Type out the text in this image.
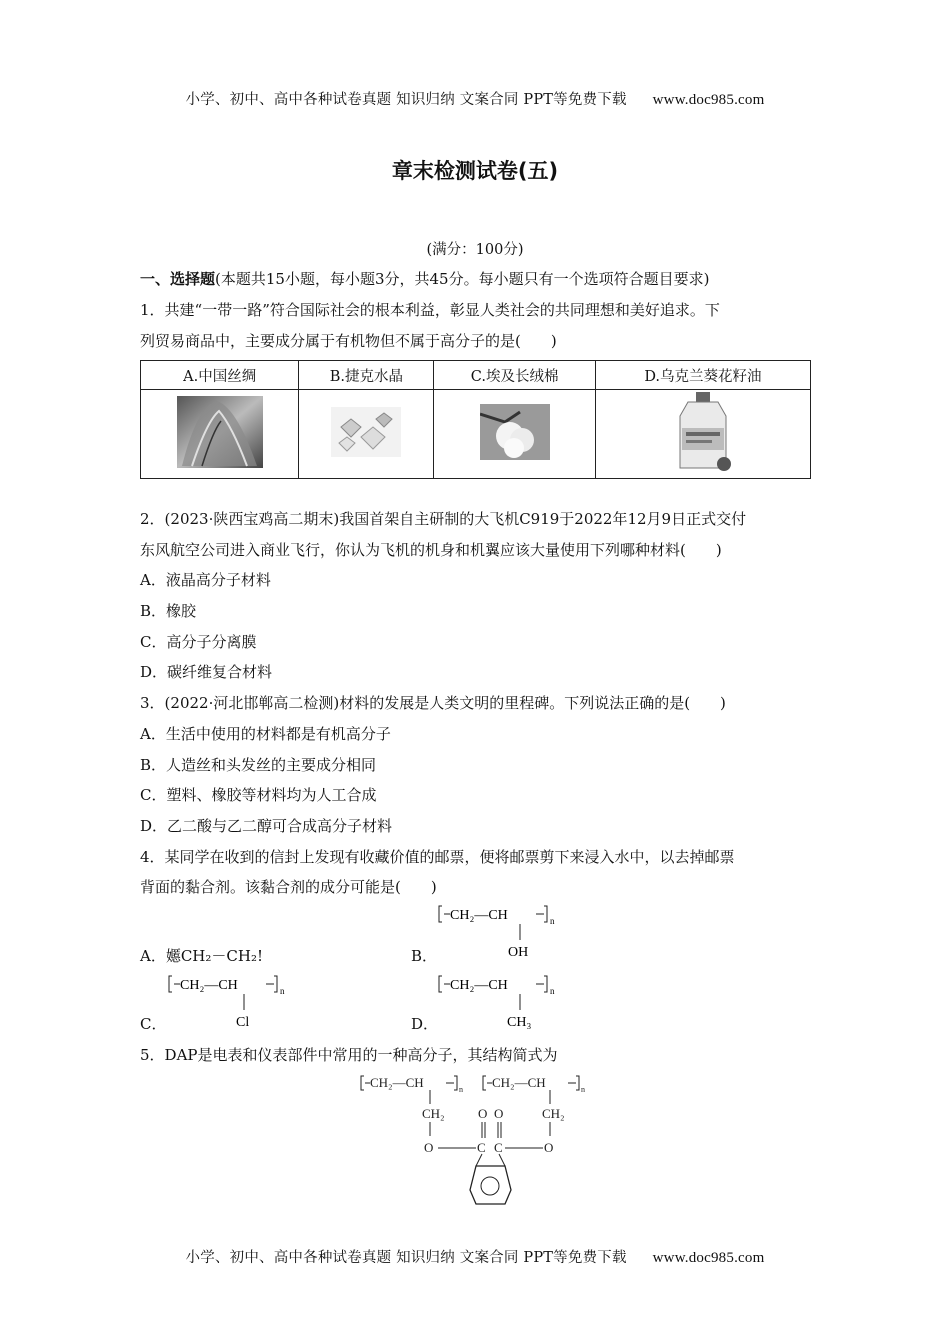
小学、初中、高中各种试卷真题 知识归纳 文案合同 PPT等免费下载 www.doc985.com
章末检测试卷(五)
(满分：100分)
一、选择题(本题共15小题，每小题3分，共45分。每小题只有一个选项符合题目要求)
1．共建“一带一路”符合国际社会的根本利益，彰显人类社会的共同理想和美好追求。下
列贸易商品中，主要成分属于有机物但不属于高分子的是(　　)
A.中国丝绸	B.捷克水晶	C.埃及长绒棉	D.乌克兰葵花籽油

2．(2023·陕西宝鸡高二期末)我国首架自主研制的大飞机C919于2022年12月9日正式交付
东风航空公司进入商业飞行，你认为飞机的机身和机翼应该大量使用下列哪种材料(　　)
A．液晶高分子材料
B．橡胶
C．高分子分离膜
D．碳纤维复合材料
3．(2022·河北邯郸高二检测)材料的发展是人类文明的里程碑。下列说法正确的是(　　)
A．生活中使用的材料都是有机高分子
B．人造丝和头发丝的主要成分相同
C．塑料、橡胶等材料均为人工合成
D．乙二酸与乙二醇可合成高分子材料
4．某同学在收到的信封上发现有收藏价值的邮票，便将邮票剪下来浸入水中，以去掉邮票
背面的黏合剂。该黏合剂的成分可能是(　　)
CH₂—CH	n
OH
A．嬺CH₂－CH₂!	B．
CH₂—CH	n
Cl
CH₂—CH	n
CH₃
C．	D．
5．DAP是电表和仪表部件中常用的一种高分子，其结构简式为
CH₂—CH	n CH₂—CH	n
CH₂
O
CH₂
O
O O
C C
小学、初中、高中各种试卷真题 知识归纳 文案合同 PPT等免费下载 www.doc985.com
